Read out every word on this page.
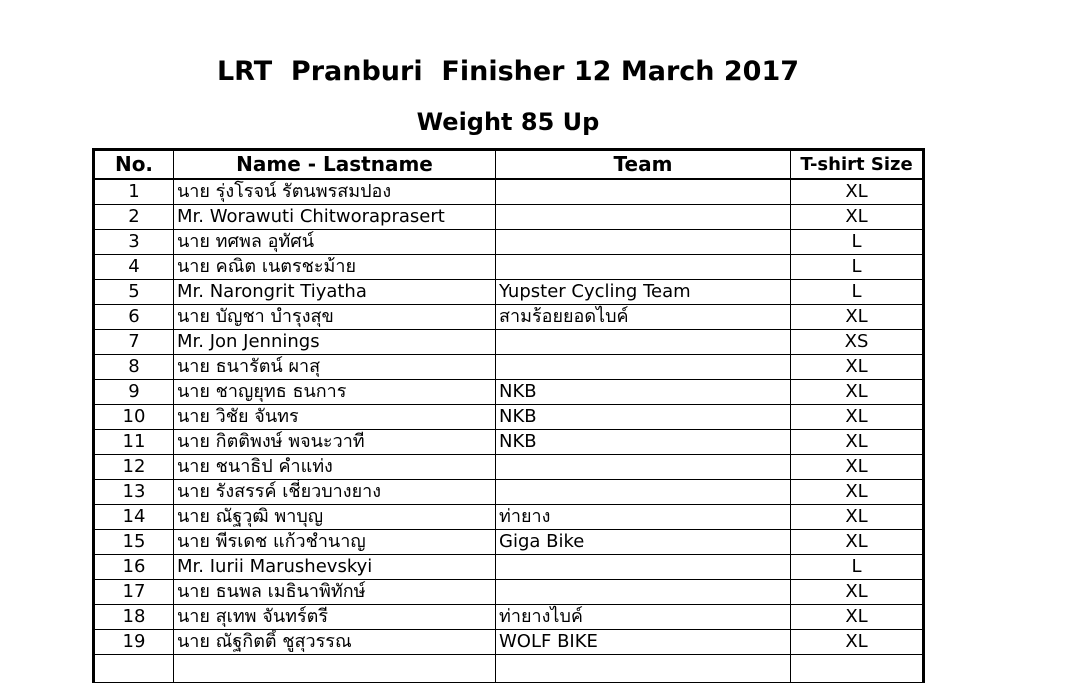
LRT  Pranburi  Finisher 12 March 2017
Weight 85 Up
No.	Name - Lastname	Team	T-shirt Size
1	นาย รุ่งโรจน์ รัตนพรสมปอง		XL
2	Mr. Worawuti Chitworaprasert		XL
3	นาย ทศพล อุทัศน์		L
4	นาย คณิต เนตรชะม้าย		L
5	Mr. Narongrit Tiyatha	Yupster Cycling Team	L
6	นาย บัญชา บำรุงสุข	สามร้อยยอดไบค์	XL
7	Mr. Jon Jennings		XS
8	นาย ธนารัตน์ ผาสุ		XL
9	นาย ชาญยุทธ ธนการ	NKB	XL
10	นาย วิชัย จันทร	NKB	XL
11	นาย กิตติพงษ์ พจนะวาที	NKB	XL
12	นาย ชนาธิป คำแท่ง		XL
13	นาย รังสรรค์ เชี่ยวบางยาง		XL
14	นาย ณัฐวุฒิ พาบุญ	ท่ายาง	XL
15	นาย พีรเดช แก้วชำนาญ	Giga Bike	XL
16	Mr. Iurii Marushevskyi		L
17	นาย ธนพล เมธินาพิทักษ์		XL
18	นาย สุเทพ จันทร์ตรี	ท่ายางไบค์	XL
19	นาย ณัฐกิตติ์ ชูสุวรรณ	WOLF BIKE	XL
